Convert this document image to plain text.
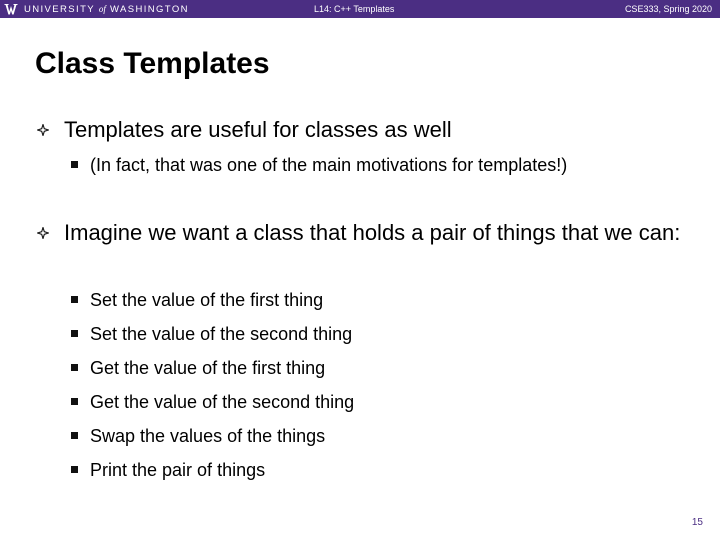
UNIVERSITY of WASHINGTON	L14: C++ Templates	CSE333, Spring 2020
Class Templates
Templates are useful for classes as well
(In fact, that was one of the main motivations for templates!)
Imagine we want a class that holds a pair of things that we can:
Set the value of the first thing
Set the value of the second thing
Get the value of the first thing
Get the value of the second thing
Swap the values of the things
Print the pair of things
15
